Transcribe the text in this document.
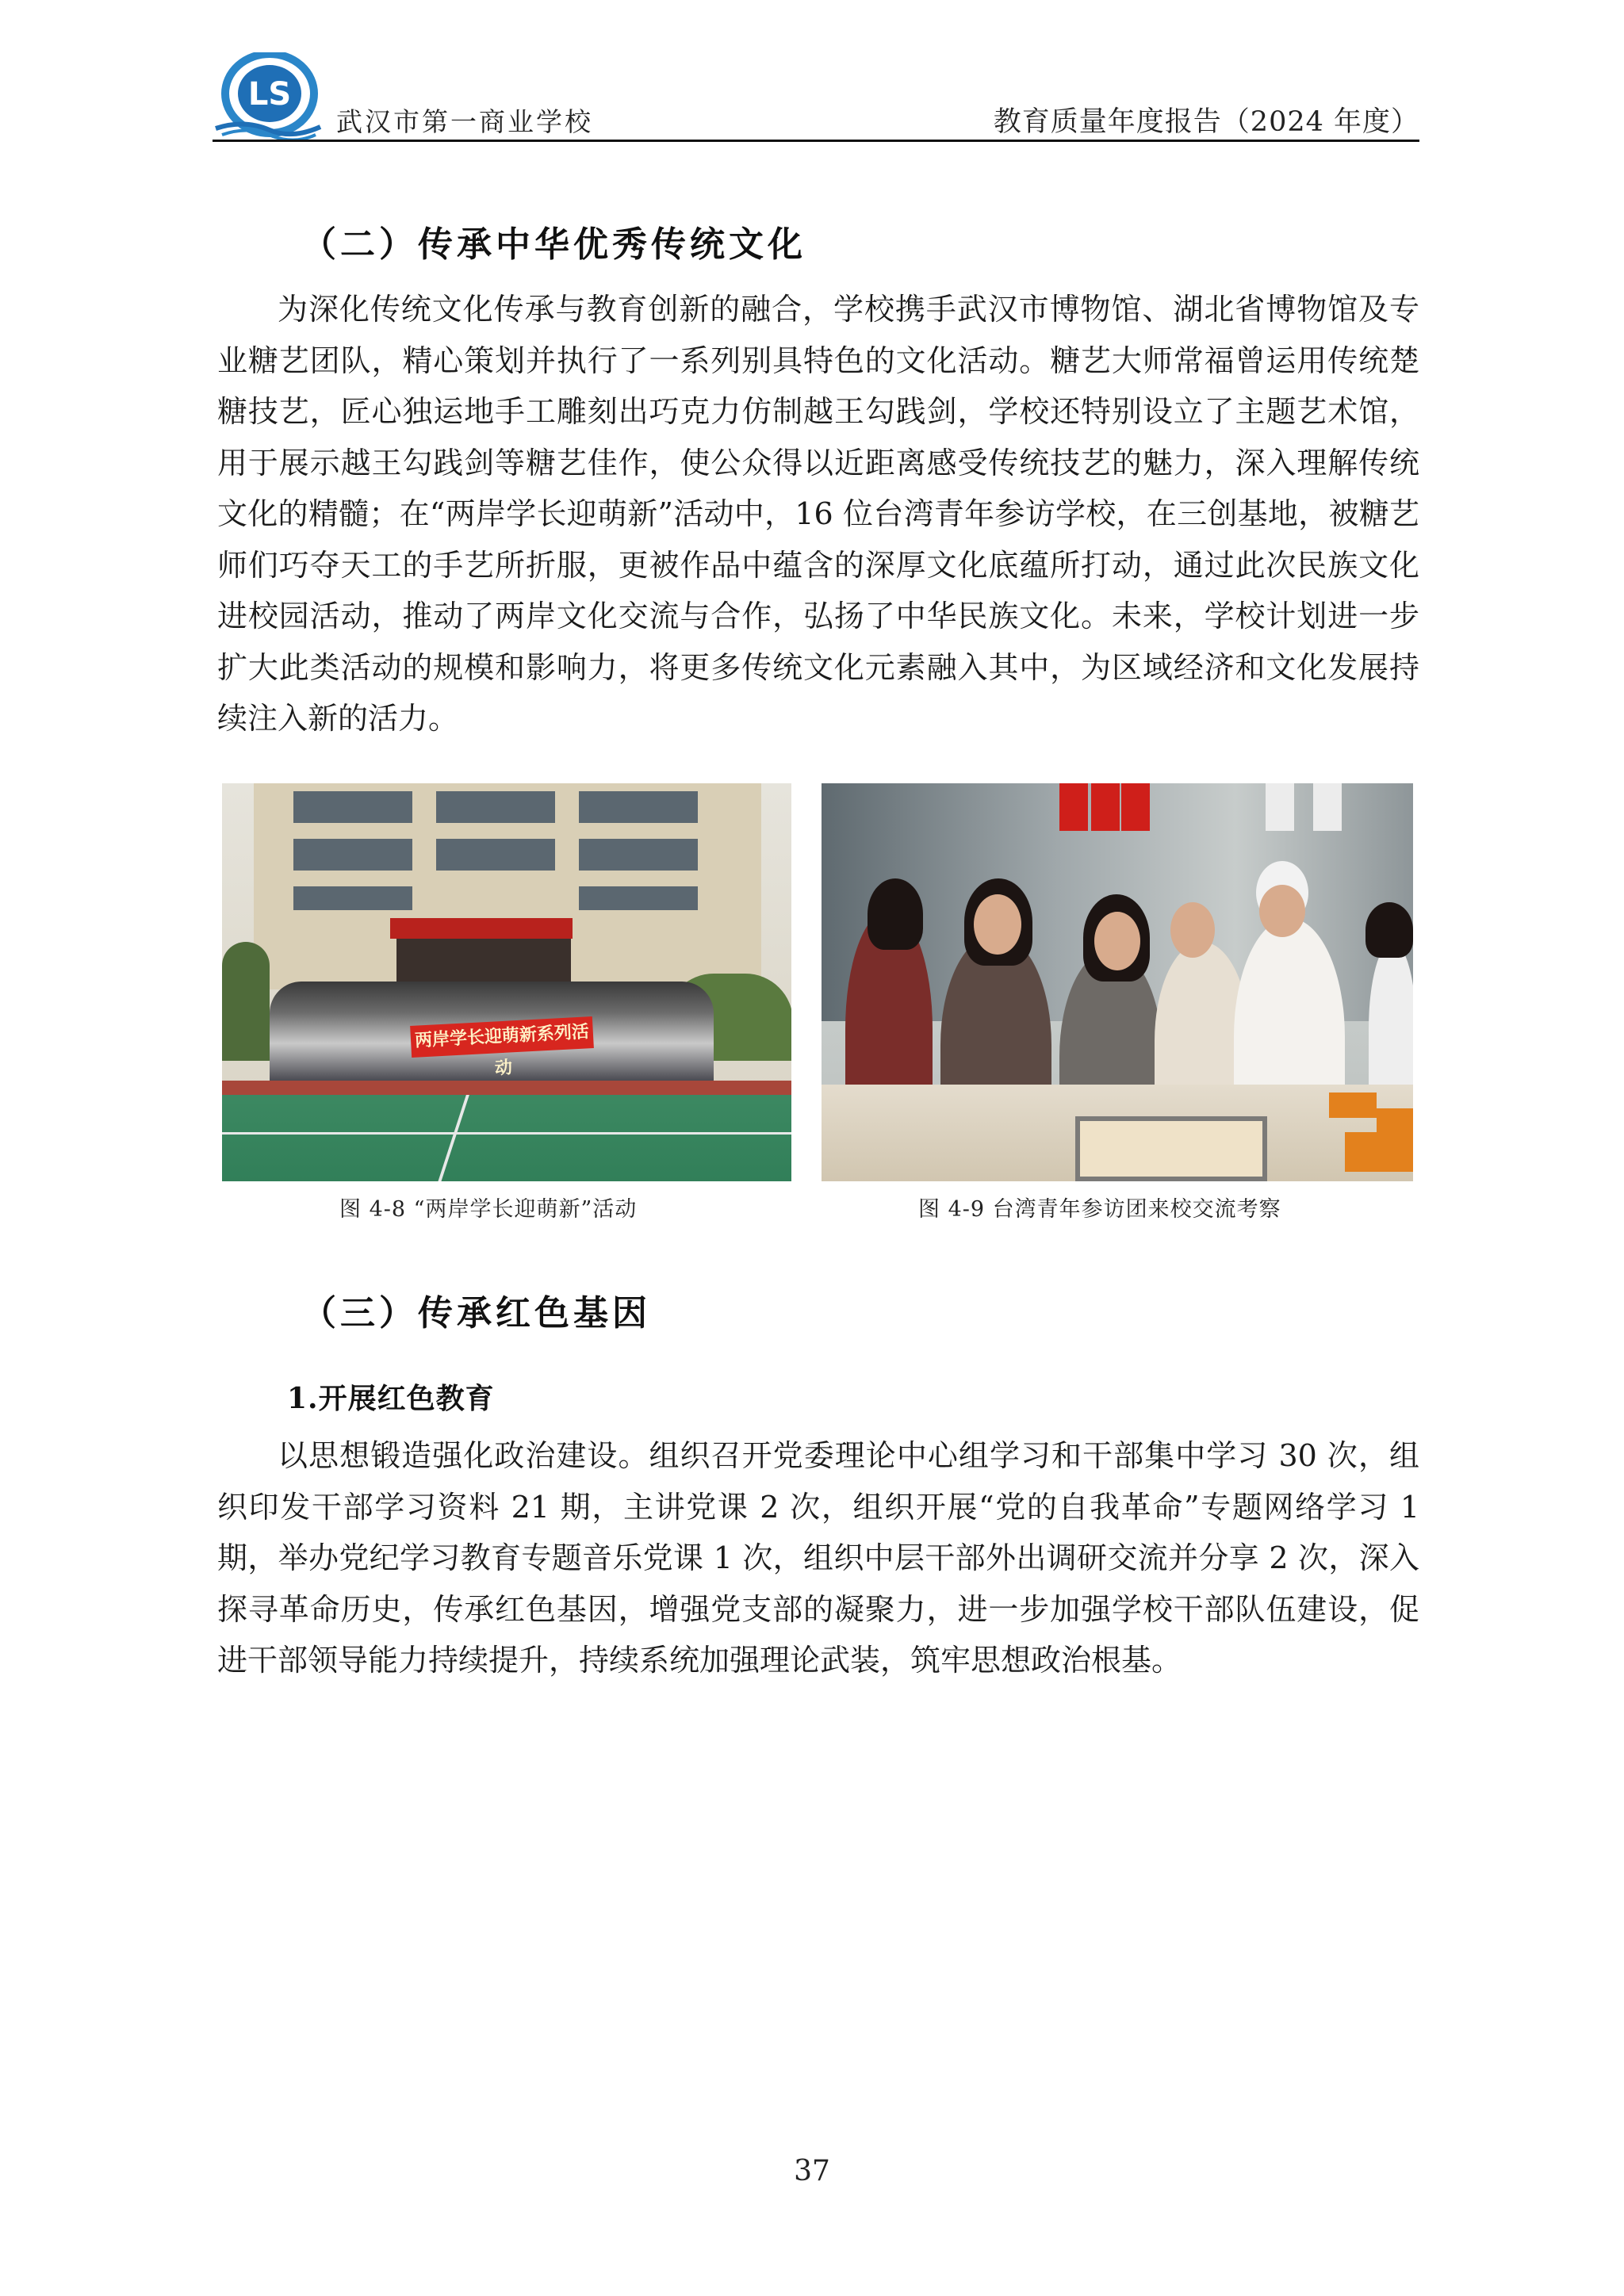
LS
武汉市第一商业学校	教育质量年度报告（2024 年度）
（二）传承中华优秀传统文化

为深化传统文化传承与教育创新的融合，学校携手武汉市博物馆、湖北省博物馆及专业糖艺团队，精心策划并执行了一系列别具特色的文化活动。糖艺大师常福曾运用传统楚糖技艺，匠心独运地手工雕刻出巧克力仿制越王勾践剑，学校还特别设立了主题艺术馆，用于展示越王勾践剑等糖艺佳作，使公众得以近距离感受传统技艺的魅力，深入理解传统文化的精髓；在“两岸学长迎萌新”活动中，16 位台湾青年参访学校，在三创基地，被糖艺师们巧夺天工的手艺所折服，更被作品中蕴含的深厚文化底蕴所打动，通过此次民族文化进校园活动，推动了两岸文化交流与合作，弘扬了中华民族文化。未来，学校计划进一步扩大此类活动的规模和影响力，将更多传统文化元素融入其中，为区域经济和文化发展持续注入新的活力。

两岸学长迎萌新系列活动
图 4-8 “两岸学长迎萌新”活动	图 4-9 台湾青年参访团来校交流考察
（三）传承红色基因
1.开展红色教育

以思想锻造强化政治建设。组织召开党委理论中心组学习和干部集中学习 30 次，组织印发干部学习资料 21 期，主讲党课 2 次，组织开展“党的自我革命”专题网络学习 1 期，举办党纪学习教育专题音乐党课 1 次，组织中层干部外出调研交流并分享 2 次，深入探寻革命历史，传承红色基因，增强党支部的凝聚力，进一步加强学校干部队伍建设，促进干部领导能力持续提升，持续系统加强理论武装，筑牢思想政治根基。

37
